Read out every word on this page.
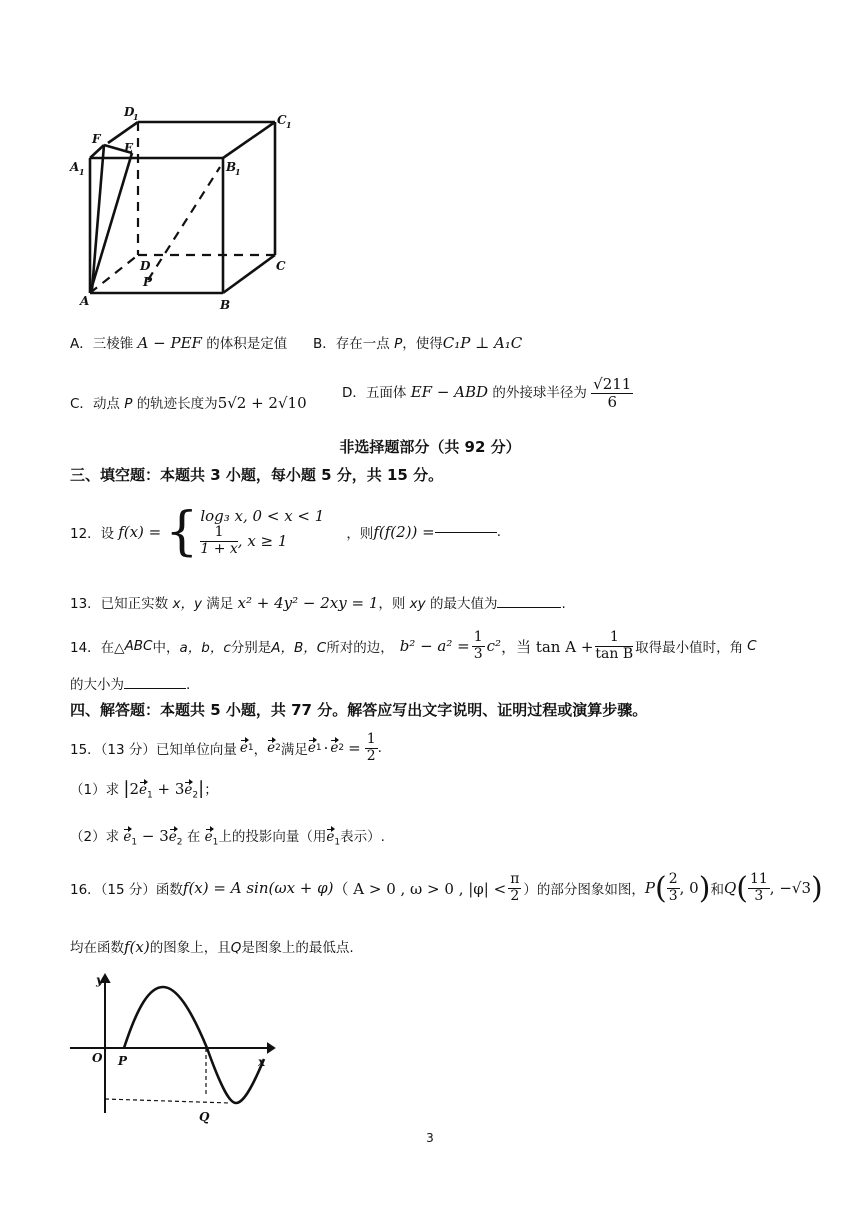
D
1	C 1
A 1	B
1
F
E
D	C
A	B
P
A．三棱锥 A − PEF 的体积是定值 B．存在一点 P，使得C₁P ⊥ A₁C
C．动点 P 的轨迹长度为5√2 + 2√10
D．五面体 EF − ABD 的外接球半径为 $\frac{√211}{6}$
非选择题部分（共 92 分）
三、填空题：本题共 3 小题，每小题 5 分，共 15 分。
12．设 f(x) = { log₃ x, 0 < x < 1
$\frac{1}{1 + x}$ , x ≥ 1	，则 f(f(2)) =	.
13．已知正实数 x，y 满足 x² + 4y² − 2xy = 1，则 xy 的最大值为	.
14．在△ ABC 中， a，b，c 分别是 A，B，C 所对的边， $b^2 - a^2 = \frac{1}{3} c^2$ ，当 $\tan A + \frac{1}{\text{tan B}}$ 取得最小值时，角 C
的大小为	.
四、解答题：本题共 5 小题，共 77 分。解答应写出文字说明、证明过程或演算步骤。
15．（13 分）已知单位向量 e 1 ， e 2 满足 e 1 · e $2 = \frac{1}{2}$ .
（1）求 $|2e_1 + 3e_2|$；
（2）求 $e_1 - 3e_2$ 在 $e_1$上的投影向量（用$e_1$表示）.
16．（15 分）函数 f(x) = A sin(ωx + φ) （ A > 0 , ω > 0 , $|\varphi| < \frac{\pi}{2}$ ）的部分图象如图， P ( $\frac{2}{3}$ , 0 ) 和 Q ( $\frac{11}{3}$ , −√3 )
均在函数f(x)的图象上，且Q是图象上的最低点.
y
x
O P
Q
3
